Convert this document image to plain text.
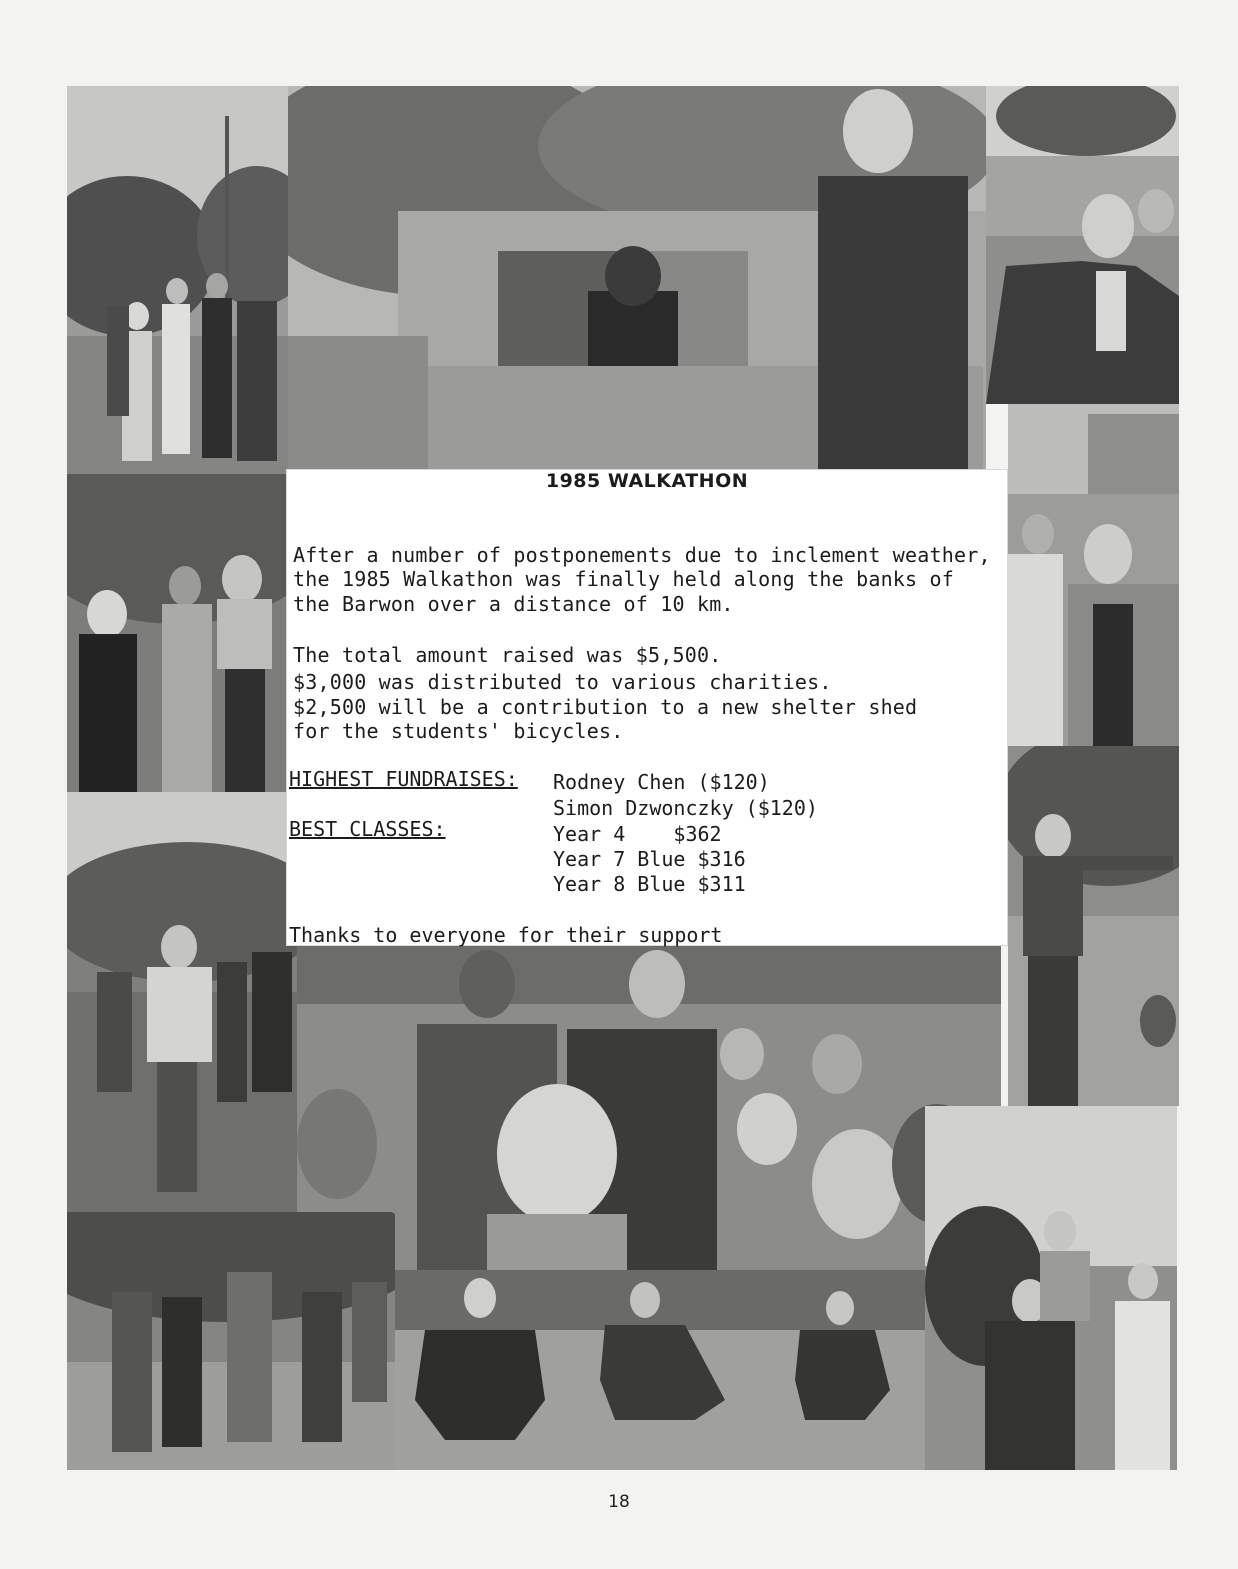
1985 WALKATHON
After a number of postponements due to inclement weather,
the 1985 Walkathon was finally held along the banks of
the Barwon over a distance of 10 km.
The total amount raised was $5,500.
$3,000 was distributed to various charities.
$2,500 will be a contribution to a new shelter shed
for the students' bicycles.
HIGHEST FUNDRAISES: Rodney Chen ($120)
Simon Dzwonczky ($120)
BEST CLASSES:	Year 4    $362
Year 7 Blue $316
Year 8 Blue $311
Thanks to everyone for their support
18
